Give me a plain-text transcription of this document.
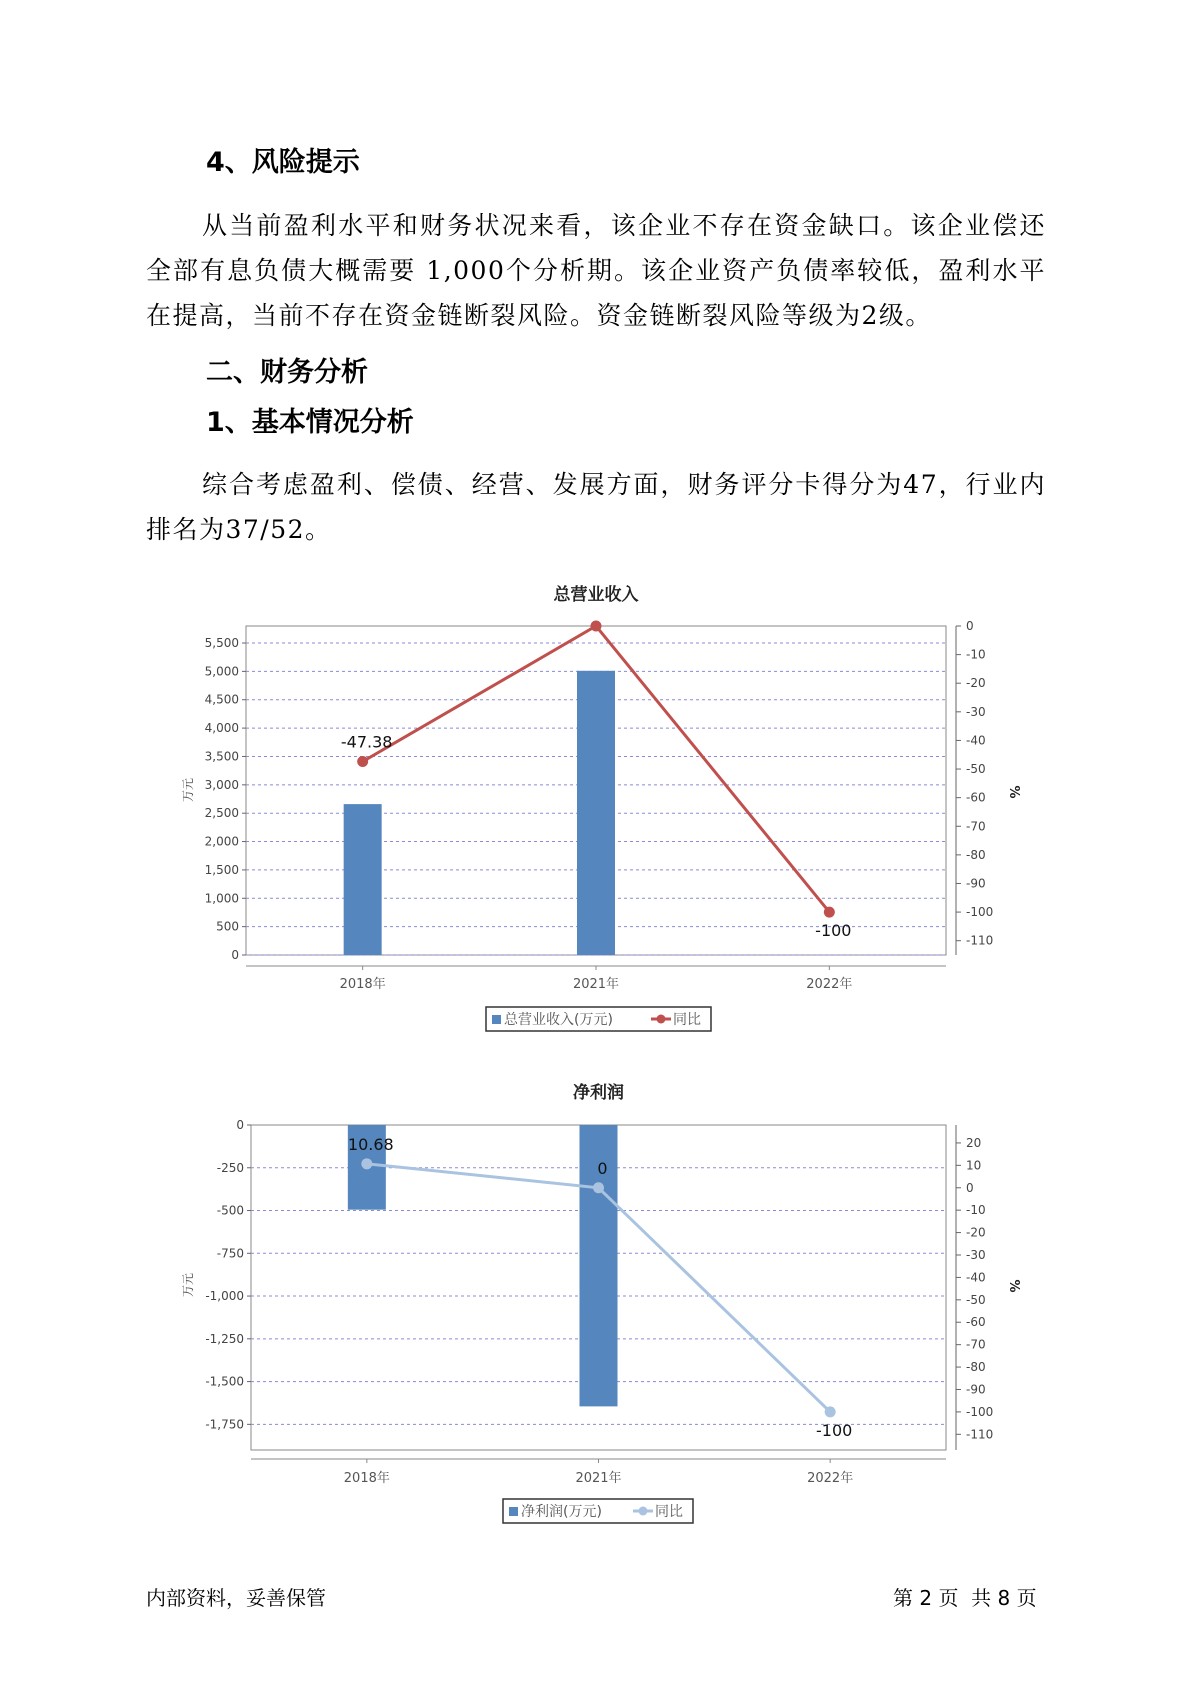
4、风险提示

从当前盈利水平和财务状况来看，该企业不存在资金缺口。该企业偿还全部有息负债大概需要 1,000个分析期。该企业资产负债率较低，盈利水平在提高，当前不存在资金链断裂风险。资金链断裂风险等级为2级。

二、财务分析
1、基本情况分析

综合考虑盈利、偿债、经营、发展方面，财务评分卡得分为47，行业内排名为37/52。

总营业收入
0
500
1,000
1,500
2,000
2,500
3,000
3,500
4,000
4,500
5,000
5,500
0
-10
-20
-30
-40
-50
-60
-70
-80
-90
-100
-110
万元	%
2018年	2021年	2022年
-47.38
-100
总营业收入(万元)	同比
净利润
0
-250
-500
-750
-1,000
-1,250
-1,500
-1,750
20
10
0
-10
-20
-30
-40
-50
-60
-70
-80
-90
-100
-110
万元	%
2018年	2021年	2022年
10.68
0
-100
净利润(万元)	同比
内部资料，妥善保管	第 2 页  共 8 页
